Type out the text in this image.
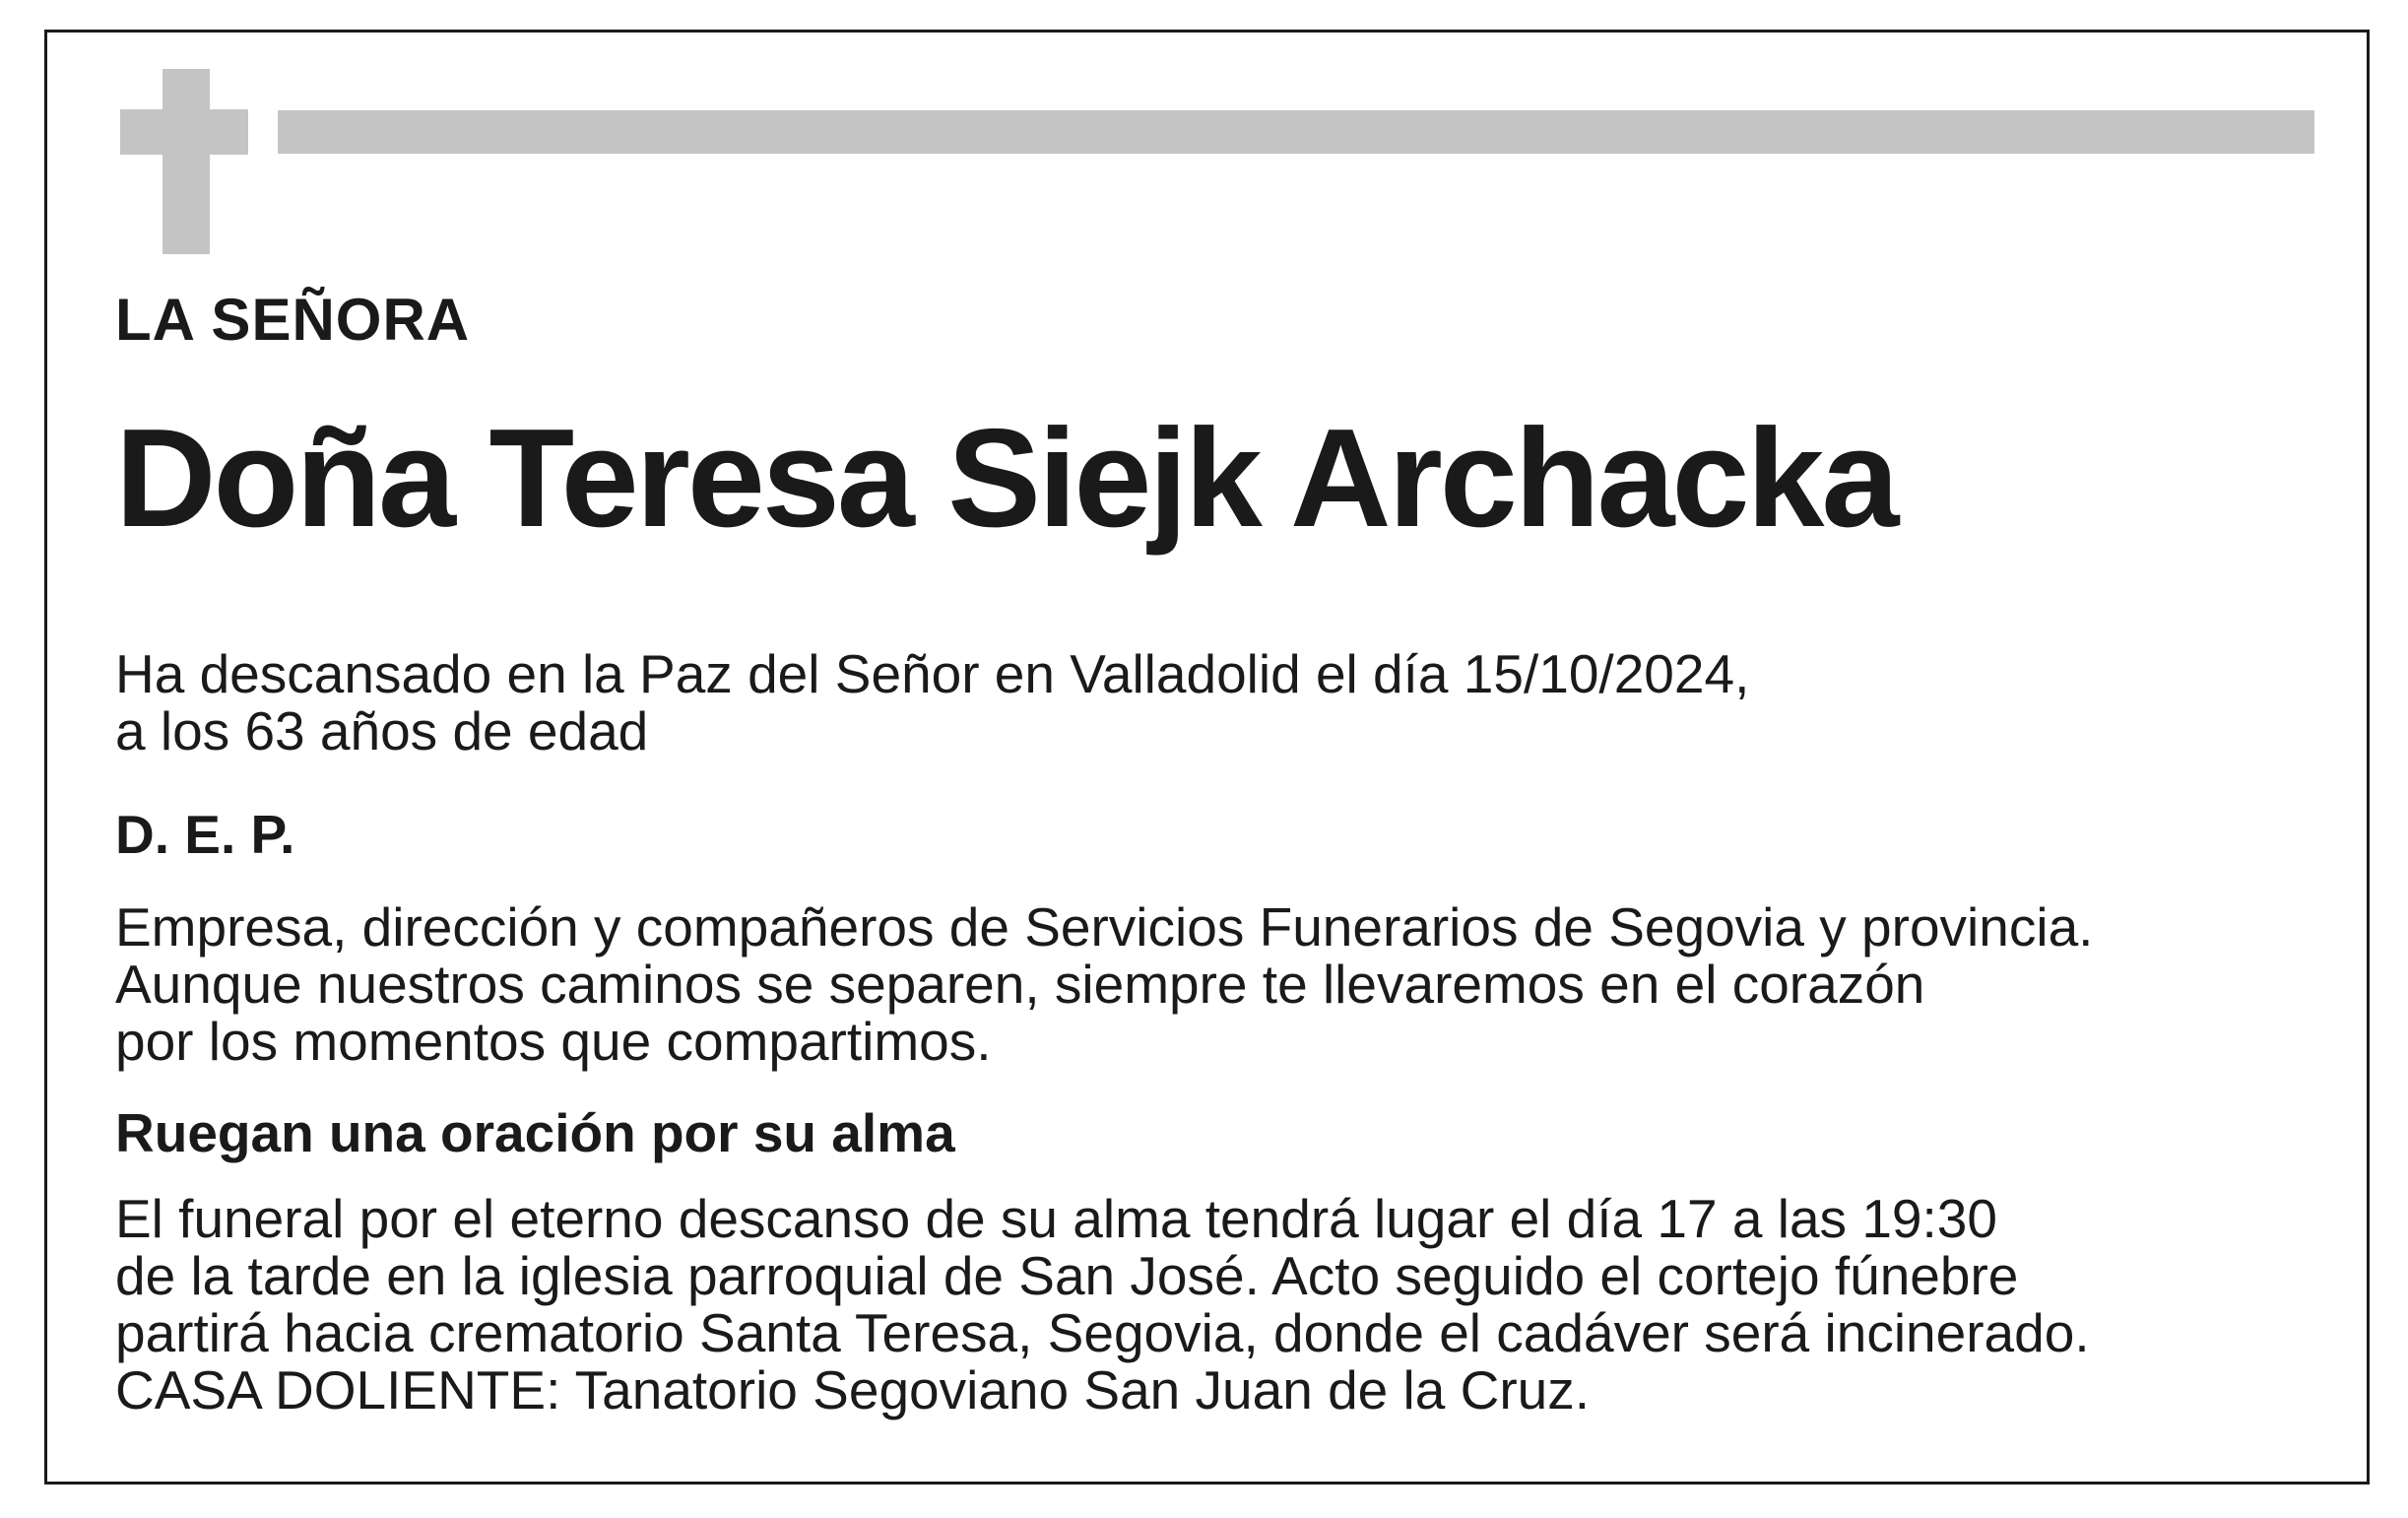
LA SEÑORA

Doña Teresa Siejk Archacka

Ha descansado en la Paz del Señor en Valladolid el día 15/10/2024,

a los 63 años de edad

D. E. P.

Empresa, dirección y compañeros de Servicios Funerarios de Segovia y provincia.

Aunque nuestros caminos se separen, siempre te llevaremos en el corazón

por los momentos que compartimos.

Ruegan una oración por su alma

El funeral por el eterno descanso de su alma tendrá lugar el día 17 a las 19:30

de la tarde en la iglesia parroquial de San José. Acto seguido el cortejo fúnebre

partirá hacia crematorio Santa Teresa, Segovia, donde el cadáver será incinerado.

CASA DOLIENTE: Tanatorio Segoviano San Juan de la Cruz.
